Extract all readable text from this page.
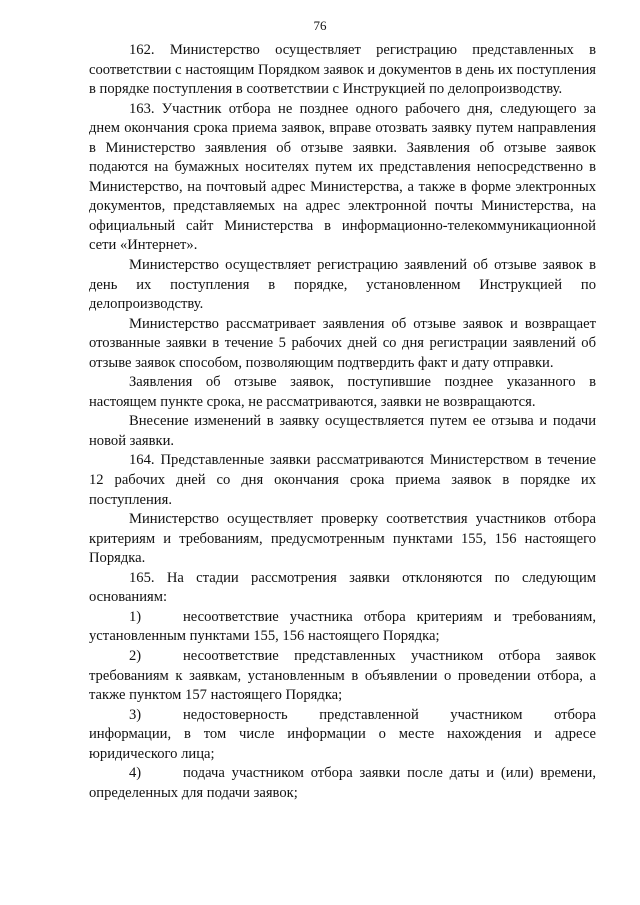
76

162. Министерство осуществляет регистрацию представленных в соответствии с настоящим Порядком заявок и документов в день их поступления в порядке поступления в соответствии с Инструкцией по делопроизводству.

163. Участник отбора не позднее одного рабочего дня, следующего за днем окончания срока приема заявок, вправе отозвать заявку путем направления в Министерство заявления об отзыве заявки. Заявления об отзыве заявок подаются на бумажных носителях путем их представления непосредственно в Министерство, на почтовый адрес Министерства, а также в форме электронных документов, представляемых на адрес электронной почты Министерства, на официальный сайт Министерства в информационно-телекоммуникационной сети «Интернет».

Министерство осуществляет регистрацию заявлений об отзыве заявок в день их поступления в порядке, установленном Инструкцией по делопроизводству.

Министерство рассматривает заявления об отзыве заявок и возвращает отозванные заявки в течение 5 рабочих дней со дня регистрации заявлений об отзыве заявок способом, позволяющим подтвердить факт и дату отправки.

Заявления об отзыве заявок, поступившие позднее указанного в настоящем пункте срока, не рассматриваются, заявки не возвращаются.

Внесение изменений в заявку осуществляется путем ее отзыва и подачи новой заявки.

164. Представленные заявки рассматриваются Министерством в течение 12 рабочих дней со дня окончания срока приема заявок в порядке их поступления.

Министерство осуществляет проверку соответствия участников отбора критериям и требованиям, предусмотренным пунктами 155, 156 настоящего Порядка.

165. На стадии рассмотрения заявки отклоняются по следующим основаниям:

1)	несоответствие участника отбора критериям и требованиям, установленным пунктами 155, 156 настоящего Порядка;

2)	несоответствие представленных участником отбора заявок требованиям к заявкам, установленным в объявлении о проведении отбора, а также пунктом 157 настоящего Порядка;

3)	недостоверность представленной участником отбора информации, в том числе информации о месте нахождения и адресе юридического лица;

4)	подача участником отбора заявки после даты и (или) времени, определенных для подачи заявок;
